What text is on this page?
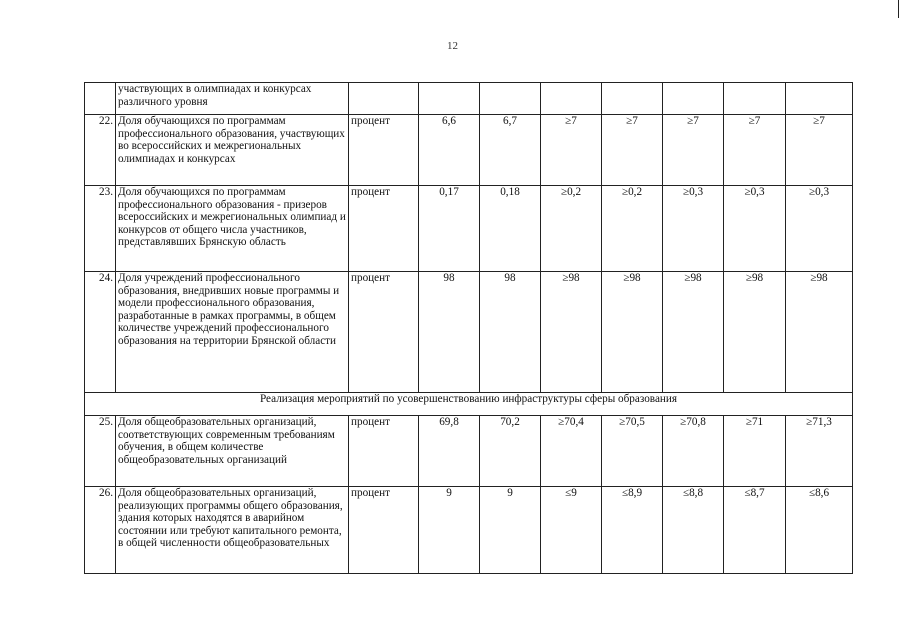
12
	участвующих в олимпиадах и конкурсах различного уровня								
22.	Доля обучающихся по программам профессионального образования, участвующих во всероссийских и межрегиональных олимпиадах и конкурсах	процент	6,6	6,7	≥7	≥7	≥7	≥7	≥7
23.	Доля обучающихся по программам профессионального образования - призеров всероссийских и межрегиональных олимпиад и конкурсов от общего числа участников, представлявших Брянскую область	процент	0,17	0,18	≥0,2	≥0,2	≥0,3	≥0,3	≥0,3
24.	Доля учреждений профессионального образования, внедривших новые программы и модели профессионального образования, разработанные в рамках программы, в общем количестве учреждений профессионального образования на территории Брянской области	процент	98	98	≥98	≥98	≥98	≥98	≥98
Реализация мероприятий по усовершенствованию инфраструктуры сферы образования									
25.	Доля общеобразовательных организаций, соответствующих современным требованиям обучения, в общем количестве общеобразовательных организаций	процент	69,8	70,2	≥70,4	≥70,5	≥70,8	≥71	≥71,3
26.	Доля общеобразовательных организаций, реализующих программы общего образования, здания которых находятся в аварийном состоянии или требуют капитального ремонта, в общей численности общеобразовательных	процент	9	9	≤9	≤8,9	≤8,8	≤8,7	≤8,6
